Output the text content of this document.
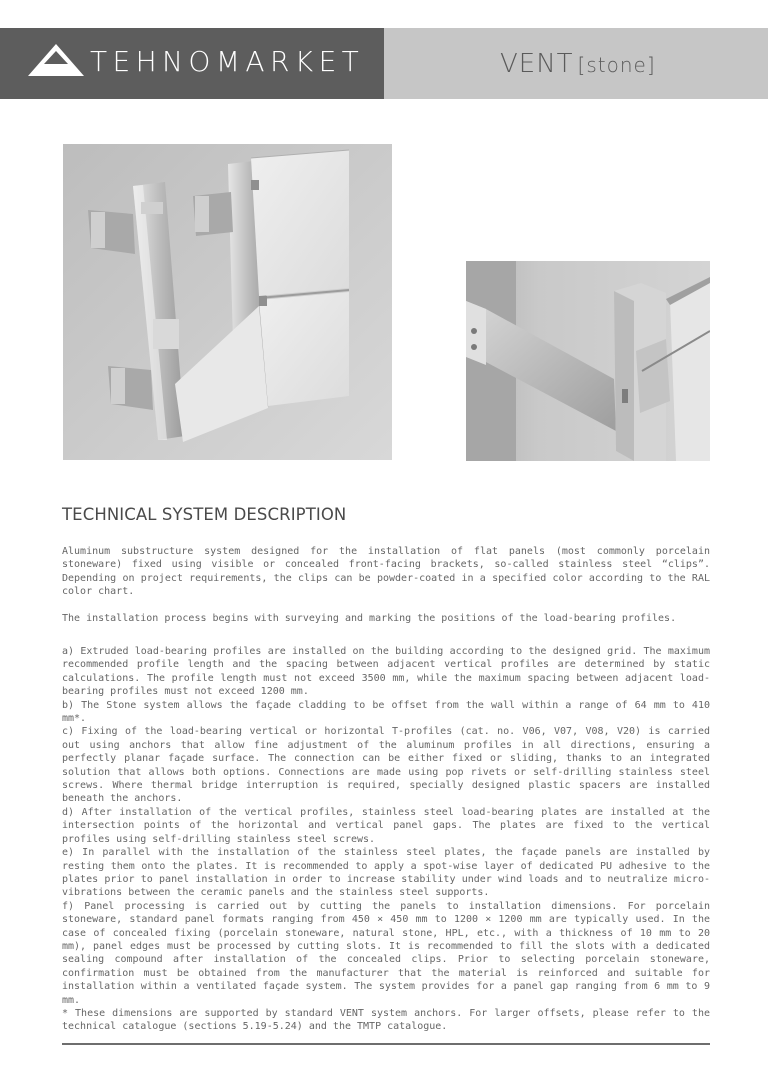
TEHNOMARKET	VENT [stone]
TECHNICAL SYSTEM DESCRIPTION

Aluminum substructure system designed for the installation of flat panels (most commonly porcelain stoneware) fixed using visible or concealed front-facing brackets, so-called stainless steel “clips”. Depending on project requirements, the clips can be powder-coated in a specified color according to the RAL color chart.

The installation process begins with surveying and marking the positions of the load-bearing profiles.

a) Extruded load-bearing profiles are installed on the building according to the designed grid. The maximum recommended profile length and the spacing between adjacent vertical profiles are determined by static calculations. The profile length must not exceed 3500 mm, while the maximum spacing between adjacent load-bearing profiles must not exceed 1200 mm.

b) The Stone system allows the façade cladding to be offset from the wall within a range of 64 mm to 410 mm*.

c) Fixing of the load-bearing vertical or horizontal T-profiles (cat. no. V06, V07, V08, V20) is carried out using anchors that allow fine adjustment of the aluminum profiles in all directions, ensuring a perfectly planar façade surface. The connection can be either fixed or sliding, thanks to an integrated solution that allows both options. Connections are made using pop rivets or self-drilling stainless steel screws. Where thermal bridge interruption is required, specially designed plastic spacers are installed beneath the anchors.

d) After installation of the vertical profiles, stainless steel load-bearing plates are installed at the intersection points of the horizontal and vertical panel gaps. The plates are fixed to the vertical profiles using self-drilling stainless steel screws.

e) In parallel with the installation of the stainless steel plates, the façade panels are installed by resting them onto the plates. It is recommended to apply a spot-wise layer of dedicated PU adhesive to the plates prior to panel installation in order to increase stability under wind loads and to neutralize micro-vibrations between the ceramic panels and the stainless steel supports.

f) Panel processing is carried out by cutting the panels to installation dimensions. For porcelain stoneware, standard panel formats ranging from 450 × 450 mm to 1200 × 1200 mm are typically used. In the case of concealed fixing (porcelain stoneware, natural stone, HPL, etc., with a thickness of 10 mm to 20 mm), panel edges must be processed by cutting slots. It is recommended to fill the slots with a dedicated sealing compound after installation of the concealed clips. Prior to selecting porcelain stoneware, confirmation must be obtained from the manufacturer that the material is reinforced and suitable for installation within a ventilated façade system. The system provides for a panel gap ranging from 6 mm to 9 mm.

* These dimensions are supported by standard VENT system anchors. For larger offsets, please refer to the technical catalogue (sections 5.19-5.24) and the TMTP catalogue.
